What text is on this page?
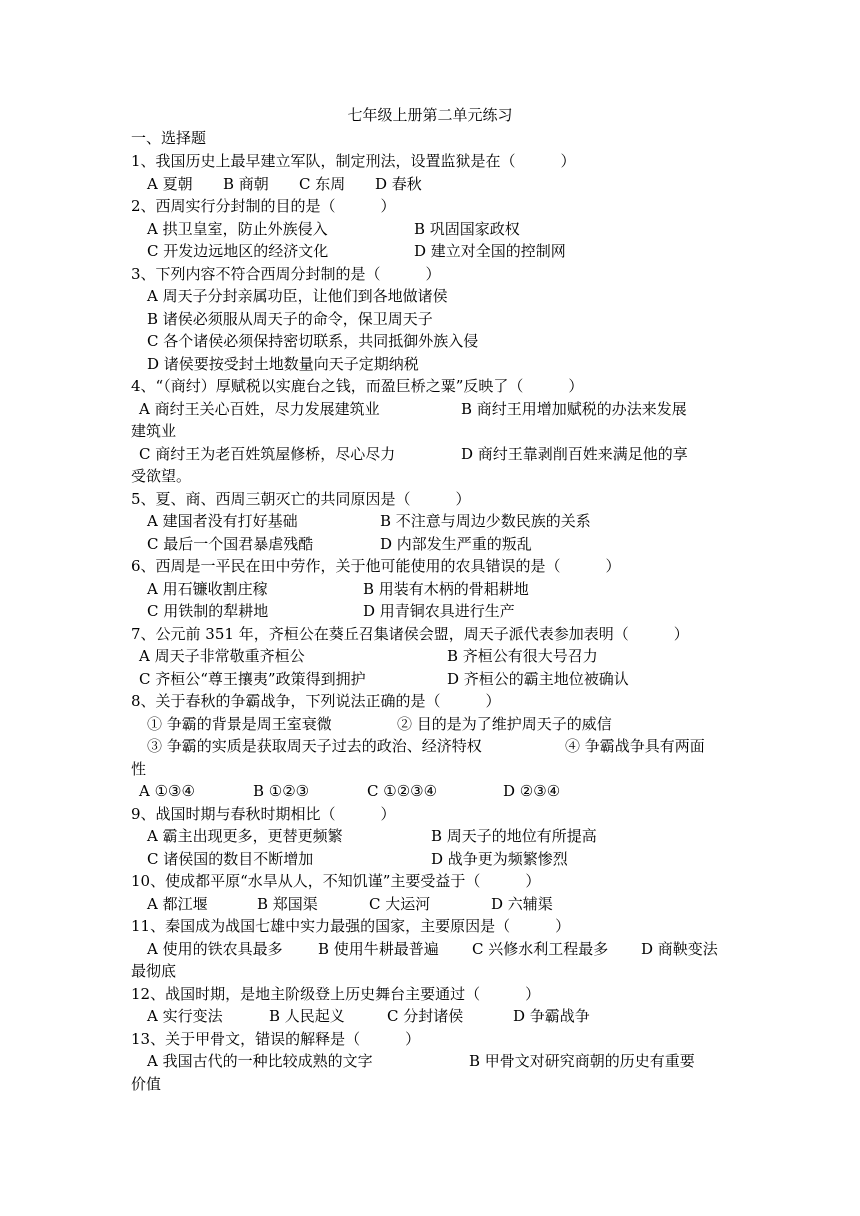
七年级上册第二单元练习
一、选择题
1、我国历史上最早建立军队，制定刑法，设置监狱是在（　　　）
A 夏朝 B 商朝 C 东周 D 春秋
2、西周实行分封制的目的是（　　　）
A 拱卫皇室，防止外族侵入	B 巩固国家政权
C 开发边远地区的经济文化	D 建立对全国的控制网
3、下列内容不符合西周分封制的是（　　　）
A 周天子分封亲属功臣，让他们到各地做诸侯
B 诸侯必须服从周天子的命令，保卫周天子
C 各个诸侯必须保持密切联系，共同抵御外族入侵
D 诸侯要按受封土地数量向天子定期纳税
4、“（商纣）厚赋税以实鹿台之钱，而盈巨桥之粟”反映了（　　　）
A 商纣王关心百姓，尽力发展建筑业	B 商纣王用增加赋税的办法来发展
建筑业
C 商纣王为老百姓筑屋修桥，尽心尽力	D 商纣王靠剥削百姓来满足他的享
受欲望。
5、夏、商、西周三朝灭亡的共同原因是（　　　）
A 建国者没有打好基础	B 不注意与周边少数民族的关系
C 最后一个国君暴虐残酷	D 内部发生严重的叛乱
6、西周是一平民在田中劳作，关于他可能使用的农具错误的是（　　　）
A 用石镰收割庄稼	B 用装有木柄的骨耜耕地
C 用铁制的犁耕地	D 用青铜农具进行生产
7、公元前 351 年，齐桓公在葵丘召集诸侯会盟，周天子派代表参加表明（　　　）
A 周天子非常敬重齐桓公	B 齐桓公有很大号召力
C 齐桓公“尊王攘夷”政策得到拥护	D 齐桓公的霸主地位被确认
8、关于春秋的争霸战争，下列说法正确的是（　　　）
① 争霸的背景是周王室衰微	② 目的是为了维护周天子的威信
③ 争霸的实质是获取周天子过去的政治、经济特权	④ 争霸战争具有两面
性
A ①③④	B ①②③	C ①②③④	D ②③④
9、战国时期与春秋时期相比（　　　）
A 霸主出现更多，更替更频繁	B 周天子的地位有所提高
C 诸侯国的数目不断增加	D 战争更为频繁惨烈
10、使成都平原“水旱从人，不知饥谨”主要受益于（　　　）
A 都江堰	B 郑国渠	C 大运河	D 六辅渠
11、秦国成为战国七雄中实力最强的国家，主要原因是（　　　）
A 使用的铁农具最多 B 使用牛耕最普遍 C 兴修水利工程最多 D 商鞅变法
最彻底
12、战国时期，是地主阶级登上历史舞台主要通过（　　　）
A 实行变法	B 人民起义	C 分封诸侯	D 争霸战争
13、关于甲骨文，错误的解释是（　　　）
A 我国古代的一种比较成熟的文字	B 甲骨文对研究商朝的历史有重要
价值
